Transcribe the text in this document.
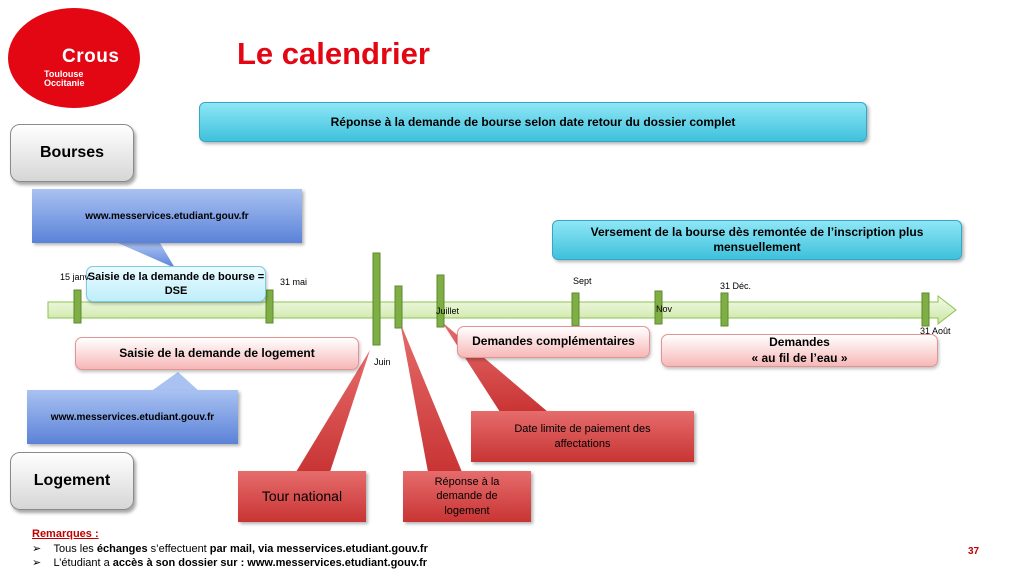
Crous
Toulouse
Occitanie
Le calendrier
Bourses
Logement
Réponse à la demande de bourse selon date retour du dossier complet
Versement de la bourse dès remontée de l’inscription plus mensuellement
www.messervices.etudiant.gouv.fr
www.messervices.etudiant.gouv.fr
Saisie de la demande de bourse = DSE
Saisie de la demande de logement
Demandes complémentaires	Demandes
« au fil de l’eau »
Date limite de paiement des affectations
Tour national
Réponse à la demande de logement
15 janv	31 mai
Juin
Juillet
Sept
Nov
31 Déc.
31 Août
Remarques :
➢ Tous les échanges s’effectuent par mail, via messervices.etudiant.gouv.fr
➢ L’étudiant a accès à son dossier sur : www.messervices.etudiant.gouv.fr
37
